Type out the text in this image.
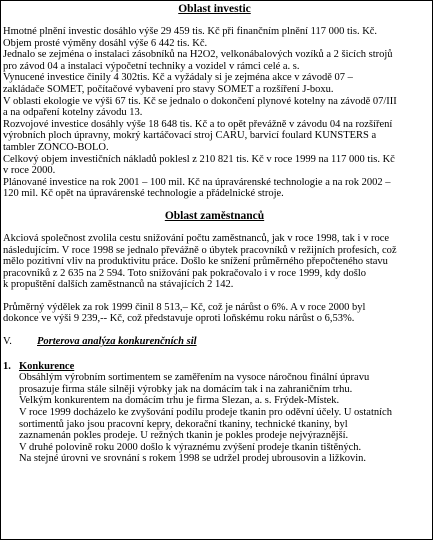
Oblast investic

Hmotné plnění investic dosáhlo výše 29 459 tis. Kč při finančním plnění 117 000 tis. Kč.

Objem prosté výměny dosáhl výše 6 442 tis. Kč.

Jednalo se zejména o instalaci zásobníků na H2O2, velkonábalových vozíků a 2 šicích strojů

pro závod 04 a instalaci výpočetní techniky a vozidel v rámci celé a. s.

Vynucené investice činily 4 302tis. Kč a vyžádaly si je zejména akce v závodě 07 –

zakládače SOMET, počítačové vybavení pro stavy SOMET a rozšíření J-boxu.

V oblasti ekologie ve výši 67 tis. Kč se jednalo o dokončení plynové kotelny na závodě 07/III

a na odpaření kotelny závodu 13.

Rozvojové investice dosáhly výše 18 648 tis. Kč a to opět převážně v závodu 04 na rozšíření

výrobních ploch úpravny, mokrý kartáčovací stroj CARU, barvicí foulard KUNSTERS a

tambler ZONCO-BOLO.

Celkový objem investičních nákladů poklesl z 210 821 tis. Kč v roce 1999 na 117 000 tis. Kč

v roce 2000.

Plánované investice na rok 2001 – 100 mil. Kč na úpravárenské technologie a na rok 2002 –

120 mil. Kč opět na úpravárenské technologie a přádelnické stroje.

Oblast zaměstnanců

Akciová společnost zvolila cestu snižování počtu zaměstnanců, jak v roce 1998, tak i v roce

následujícím. V roce 1998 se jednalo převážně o úbytek pracovníků v režijních profesích, což

mělo pozitivní vliv na produktivitu práce. Došlo ke snížení průměrného přepočteného stavu

pracovníků z 2 635 na 2 594. Toto snižování pak pokračovalo i v roce 1999, kdy došlo

k propuštění dalších zaměstnanců na stávajících 2 142.

Průměrný výdělek za rok 1999 činil 8 513,– Kč, což je nárůst o 6%. A v roce 2000 byl

dokonce ve výši 9 239,-- Kč, což představuje oproti loňskému roku nárůst o 6,53%.

V.	Porterova analýza konkurenčních sil
1. Konkurence

Obsáhlým výrobním sortimentem se zaměřením na vysoce náročnou finální úpravu

prosazuje firma stále silněji výrobky jak na domácím tak i na zahraničním trhu.

Velkým konkurentem na domácím trhu je firma Slezan, a. s. Frýdek-Místek.

V roce 1999 docházelo ke zvyšování podílu prodeje tkanin pro oděvní účely. U ostatních

sortimentů jako jsou pracovní kepry, dekorační tkaniny, technické tkaniny, byl

zaznamenán pokles prodeje. U režných tkanin je pokles prodeje nejvýraznější.

V druhé polovině roku 2000 došlo k výraznému zvýšení prodeje tkanin tištěných.

Na stejné úrovni ve srovnání s rokem 1998 se udržel prodej ubrousovin a ližkovin.
